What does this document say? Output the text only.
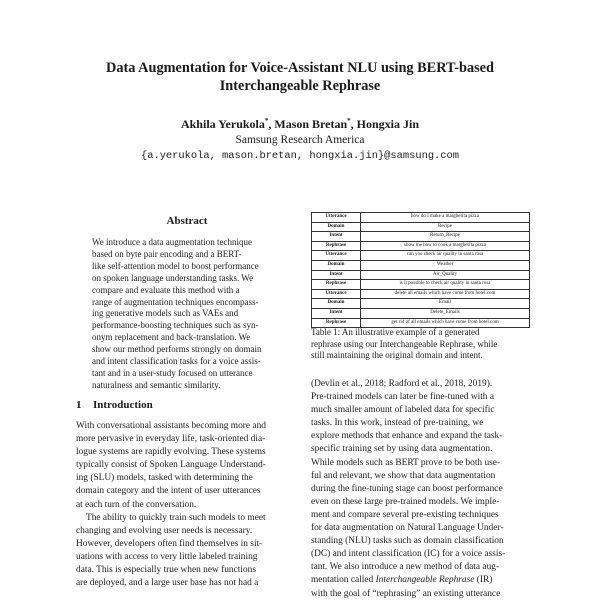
Data Augmentation for Voice-Assistant NLU using BERT-based
Interchangeable Rephrase
Akhila Yerukola*, Mason Bretan*, Hongxia Jin
Samsung Research America
{a.yerukola, mason.bretan, hongxia.jin}@samsung.com
Abstract

We introduce a data augmentation technique
based on byte pair encoding and a BERT-
like self-attention model to boost performance
on spoken language understanding tasks. We
compare and evaluate this method with a
range of augmentation techniques encompass-
ing generative models such as VAEs and
performance-boosting techniques such as syn-
onym replacement and back-translation. We
show our method performs strongly on domain
and intent classification tasks for a voice assis-
tant and in a user-study focused on utterance
naturalness and semantic similarity.

1 Introduction
With conversational assistants becoming more and
more pervasive in everyday life, task-oriented dia-
logue systems are rapidly evolving. These systems
typically consist of Spoken Language Understand-
ing (SLU) models, tasked with determining the
domain category and the intent of user utterances
at each turn of the conversation.
The ability to quickly train such models to meet
changing and evolving user needs is necessary.
However, developers often find themselves in sit-
uations with access to very little labeled training
data. This is especially true when new functions
are deployed, and a large user base has not had a
Utterance	how do I make a margherita pizza
Domain	Recipe
Intent	Return_Recipe
Rephrase	show me how to cook a margherita pizza
Utterance	can you check air quality in santa rosa
Domain	Weather
Intent	Air_Quality
Rephrase	is it possible to check air quality in santa rosa
Utterance	delete all emails which have come from hotel.com
Domain	Email
Intent	Delete_Emails
Rephrase	get rid of all emails which have come from hotel.com
Table 1: An illustrative example of a generated
rephrase using our Interchangeable Rephrase, while
still maintaining the original domain and intent.
(Devlin et al., 2018; Radford et al., 2018, 2019).
Pre-trained models can later be fine-tuned with a
much smaller amount of labeled data for specific
tasks. In this work, instead of pre-training, we
explore methods that enhance and expand the task-
specific training set by using data augmentation.
While models such as BERT prove to be both use-
ful and relevant, we show that data augmentation
during the fine-tuning stage can boost performance
even on these large pre-trained models. We imple-
ment and compare several pre-existing techniques
for data augmentation on Natural Language Under-
standing (NLU) tasks such as domain classification
(DC) and intent classification (IC) for a voice assis-
tant. We also introduce a new method of data aug-
mentation called Interchangeable Rephrase (IR)
with the goal of “rephrasing” an existing utterance
